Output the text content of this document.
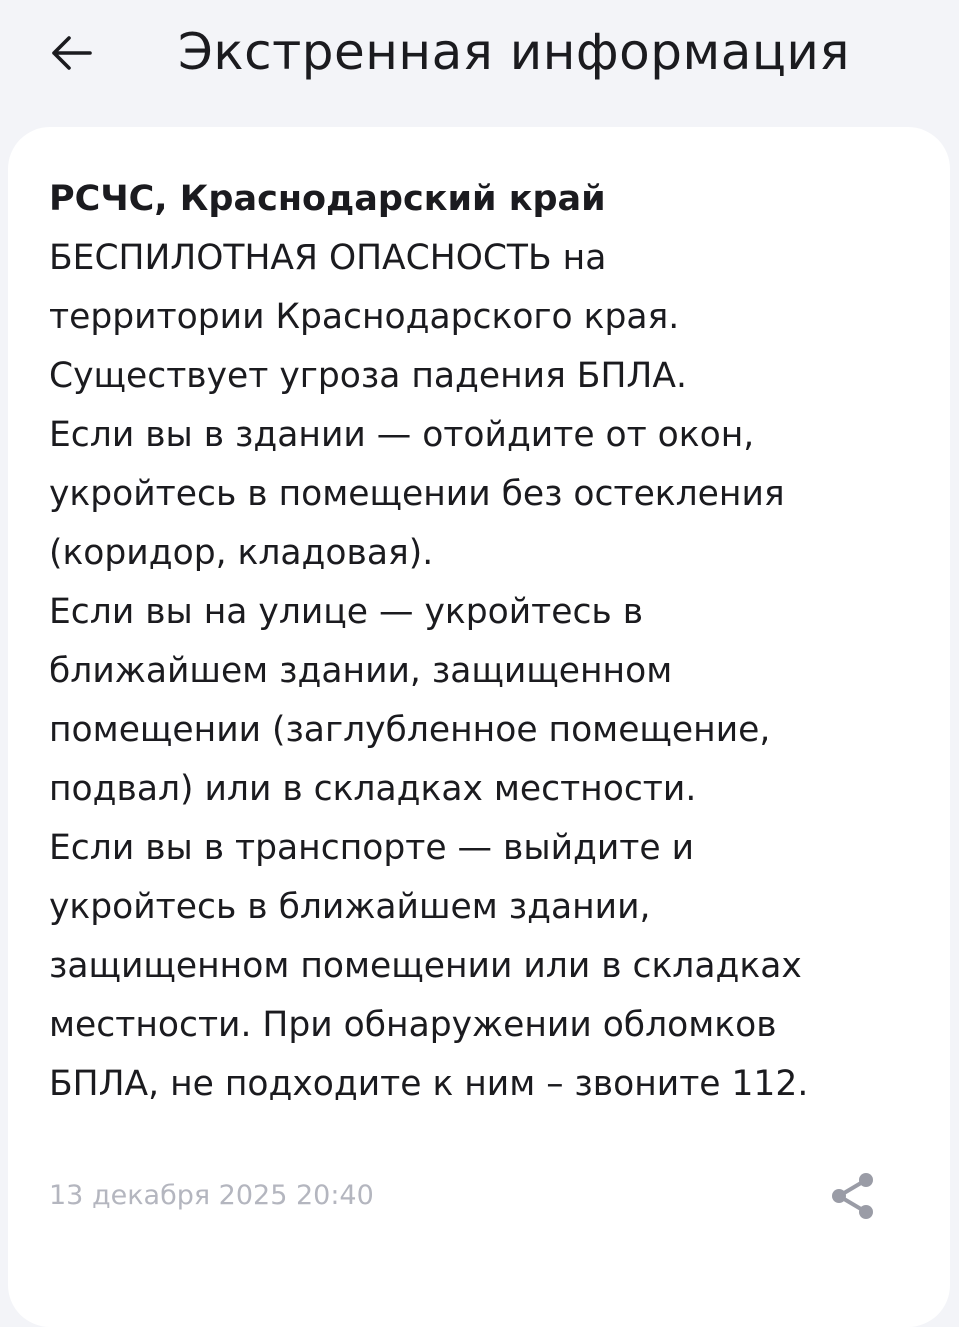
Экстренная информация
РСЧС, Краснодарский край
БЕСПИЛОТНАЯ ОПАСНОСТЬ на
территории Краснодарского края.
Существует угроза падения БПЛА.
Если вы в здании — отойдите от окон,
укройтесь в помещении без остекления
(коридор, кладовая).
Если вы на улице — укройтесь в
ближайшем здании, защищенном
помещении (заглубленное помещение,
подвал) или в складках местности.
Если вы в транспорте — выйдите и
укройтесь в ближайшем здании,
защищенном помещении или в складках
местности. При обнаружении обломков
БПЛА, не подходите к ним – звоните 112.
13 декабря 2025 20:40
